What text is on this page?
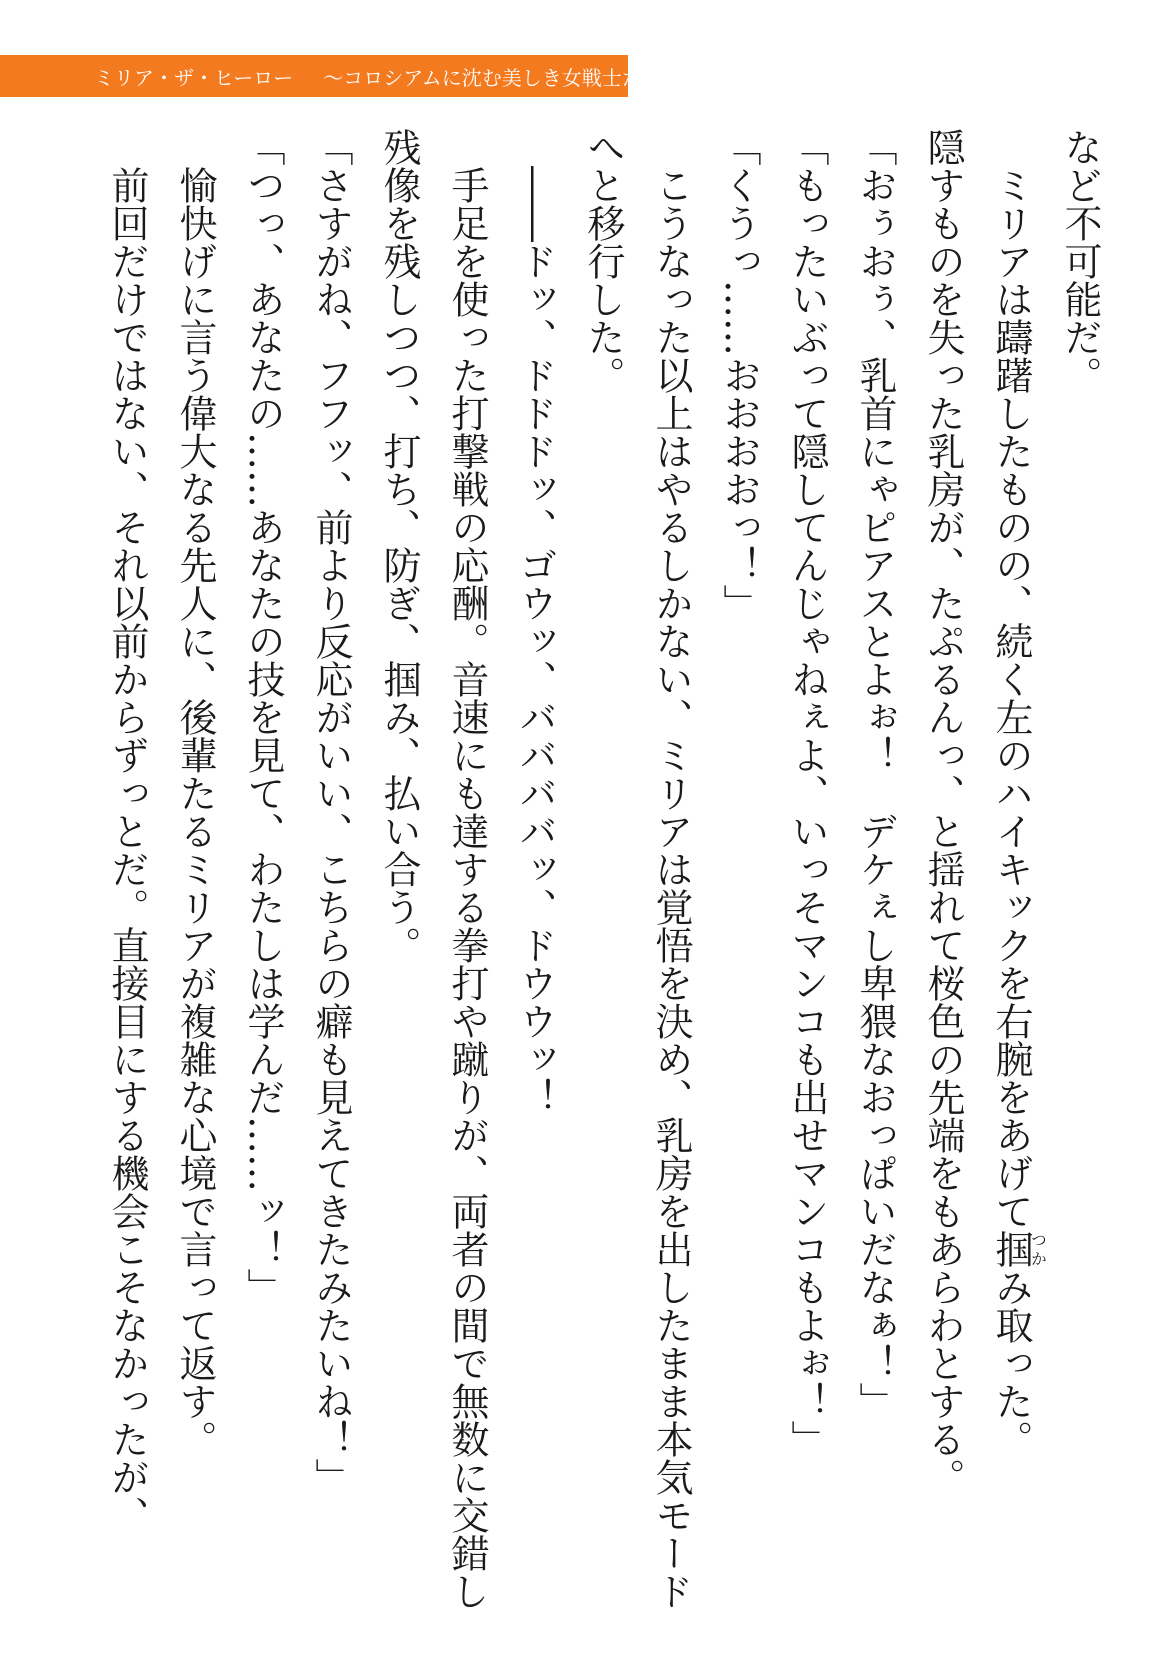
ミリア・ザ・ヒーロー 〜コロシアムに沈む美しき女戦士たち〜

など不可能だ。

ミリアは躊躇したものの、続く左のハイキックを右腕をあげて掴つかみ取った。

隠すものを失った乳房が、たぷるんっ、と揺れて桜色の先端をもあらわとする。

「おぅおぅ、乳首にゃピアスとよぉ！　デケぇし卑猥なおっぱいだなぁ！」

「もったいぶって隠してんじゃねぇよ、いっそマンコも出せマンコもよぉ！」

「くうっ……おおおおっ！」

こうなった以上はやるしかない、ミリアは覚悟を決め、乳房を出したまま本気モードへと移行した。

――ドッ、ドドドッ、ゴウッ、ババババッ、ドウウッ！

手足を使った打撃戦の応酬。音速にも達する拳打や蹴りが、両者の間で無数に交錯し残像を残しつつ、打ち、防ぎ、掴み、払い合う。

「さすがね、フフッ、前より反応がいい、こちらの癖も見えてきたみたいね！」

「つっ、あなたの……あなたの技を見て、わたしは学んだ……ッ！」

愉快げに言う偉大なる先人に、後輩たるミリアが複雑な心境で言って返す。

前回だけではない、それ以前からずっとだ。直接目にする機会こそなかったが、
